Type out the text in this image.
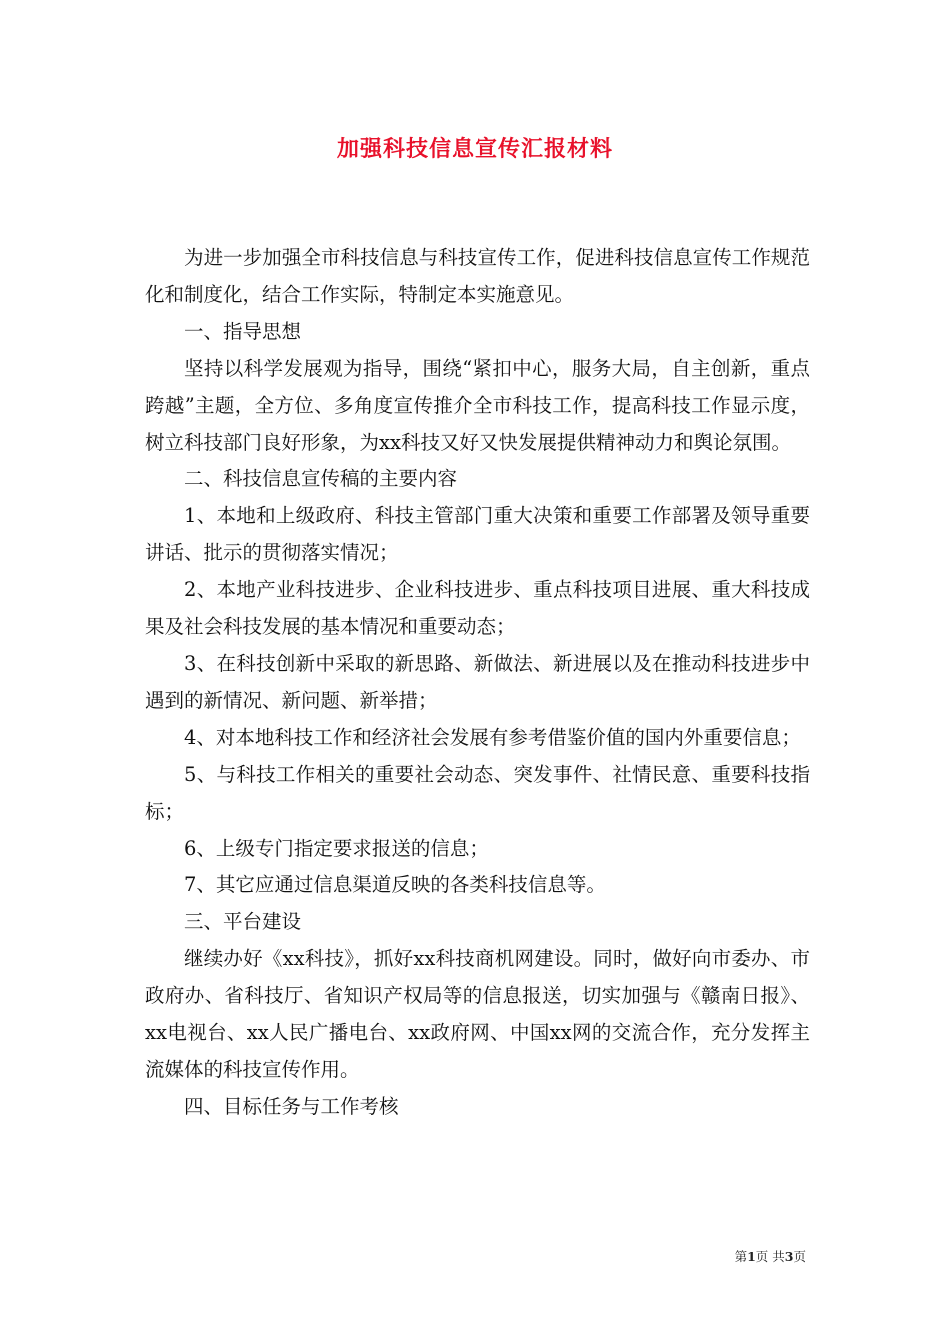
加强科技信息宣传汇报材料

为进一步加强全市科技信息与科技宣传工作，促进科技信息宣传工作规范化和制度化，结合工作实际，特制定本实施意见。

一、指导思想

坚持以科学发展观为指导，围绕“紧扣中心，服务大局，自主创新，重点跨越”主题，全方位、多角度宣传推介全市科技工作，提高科技工作显示度，树立科技部门良好形象，为xx科技又好又快发展提供精神动力和舆论氛围。

二、科技信息宣传稿的主要内容

1、本地和上级政府、科技主管部门重大决策和重要工作部署及领导重要讲话、批示的贯彻落实情况；

2、本地产业科技进步、企业科技进步、重点科技项目进展、重大科技成果及社会科技发展的基本情况和重要动态；

3、在科技创新中采取的新思路、新做法、新进展以及在推动科技进步中遇到的新情况、新问题、新举措；

4、对本地科技工作和经济社会发展有参考借鉴价值的国内外重要信息；

5、与科技工作相关的重要社会动态、突发事件、社情民意、重要科技指标；

6、上级专门指定要求报送的信息；

7、其它应通过信息渠道反映的各类科技信息等。

三、平台建设

继续办好《xx科技》，抓好xx科技商机网建设。同时，做好向市委办、市政府办、省科技厅、省知识产权局等的信息报送，切实加强与《赣南日报》、xx电视台、xx人民广播电台、xx政府网、中国xx网的交流合作，充分发挥主流媒体的科技宣传作用。

四、目标任务与工作考核

第1页 共3页
